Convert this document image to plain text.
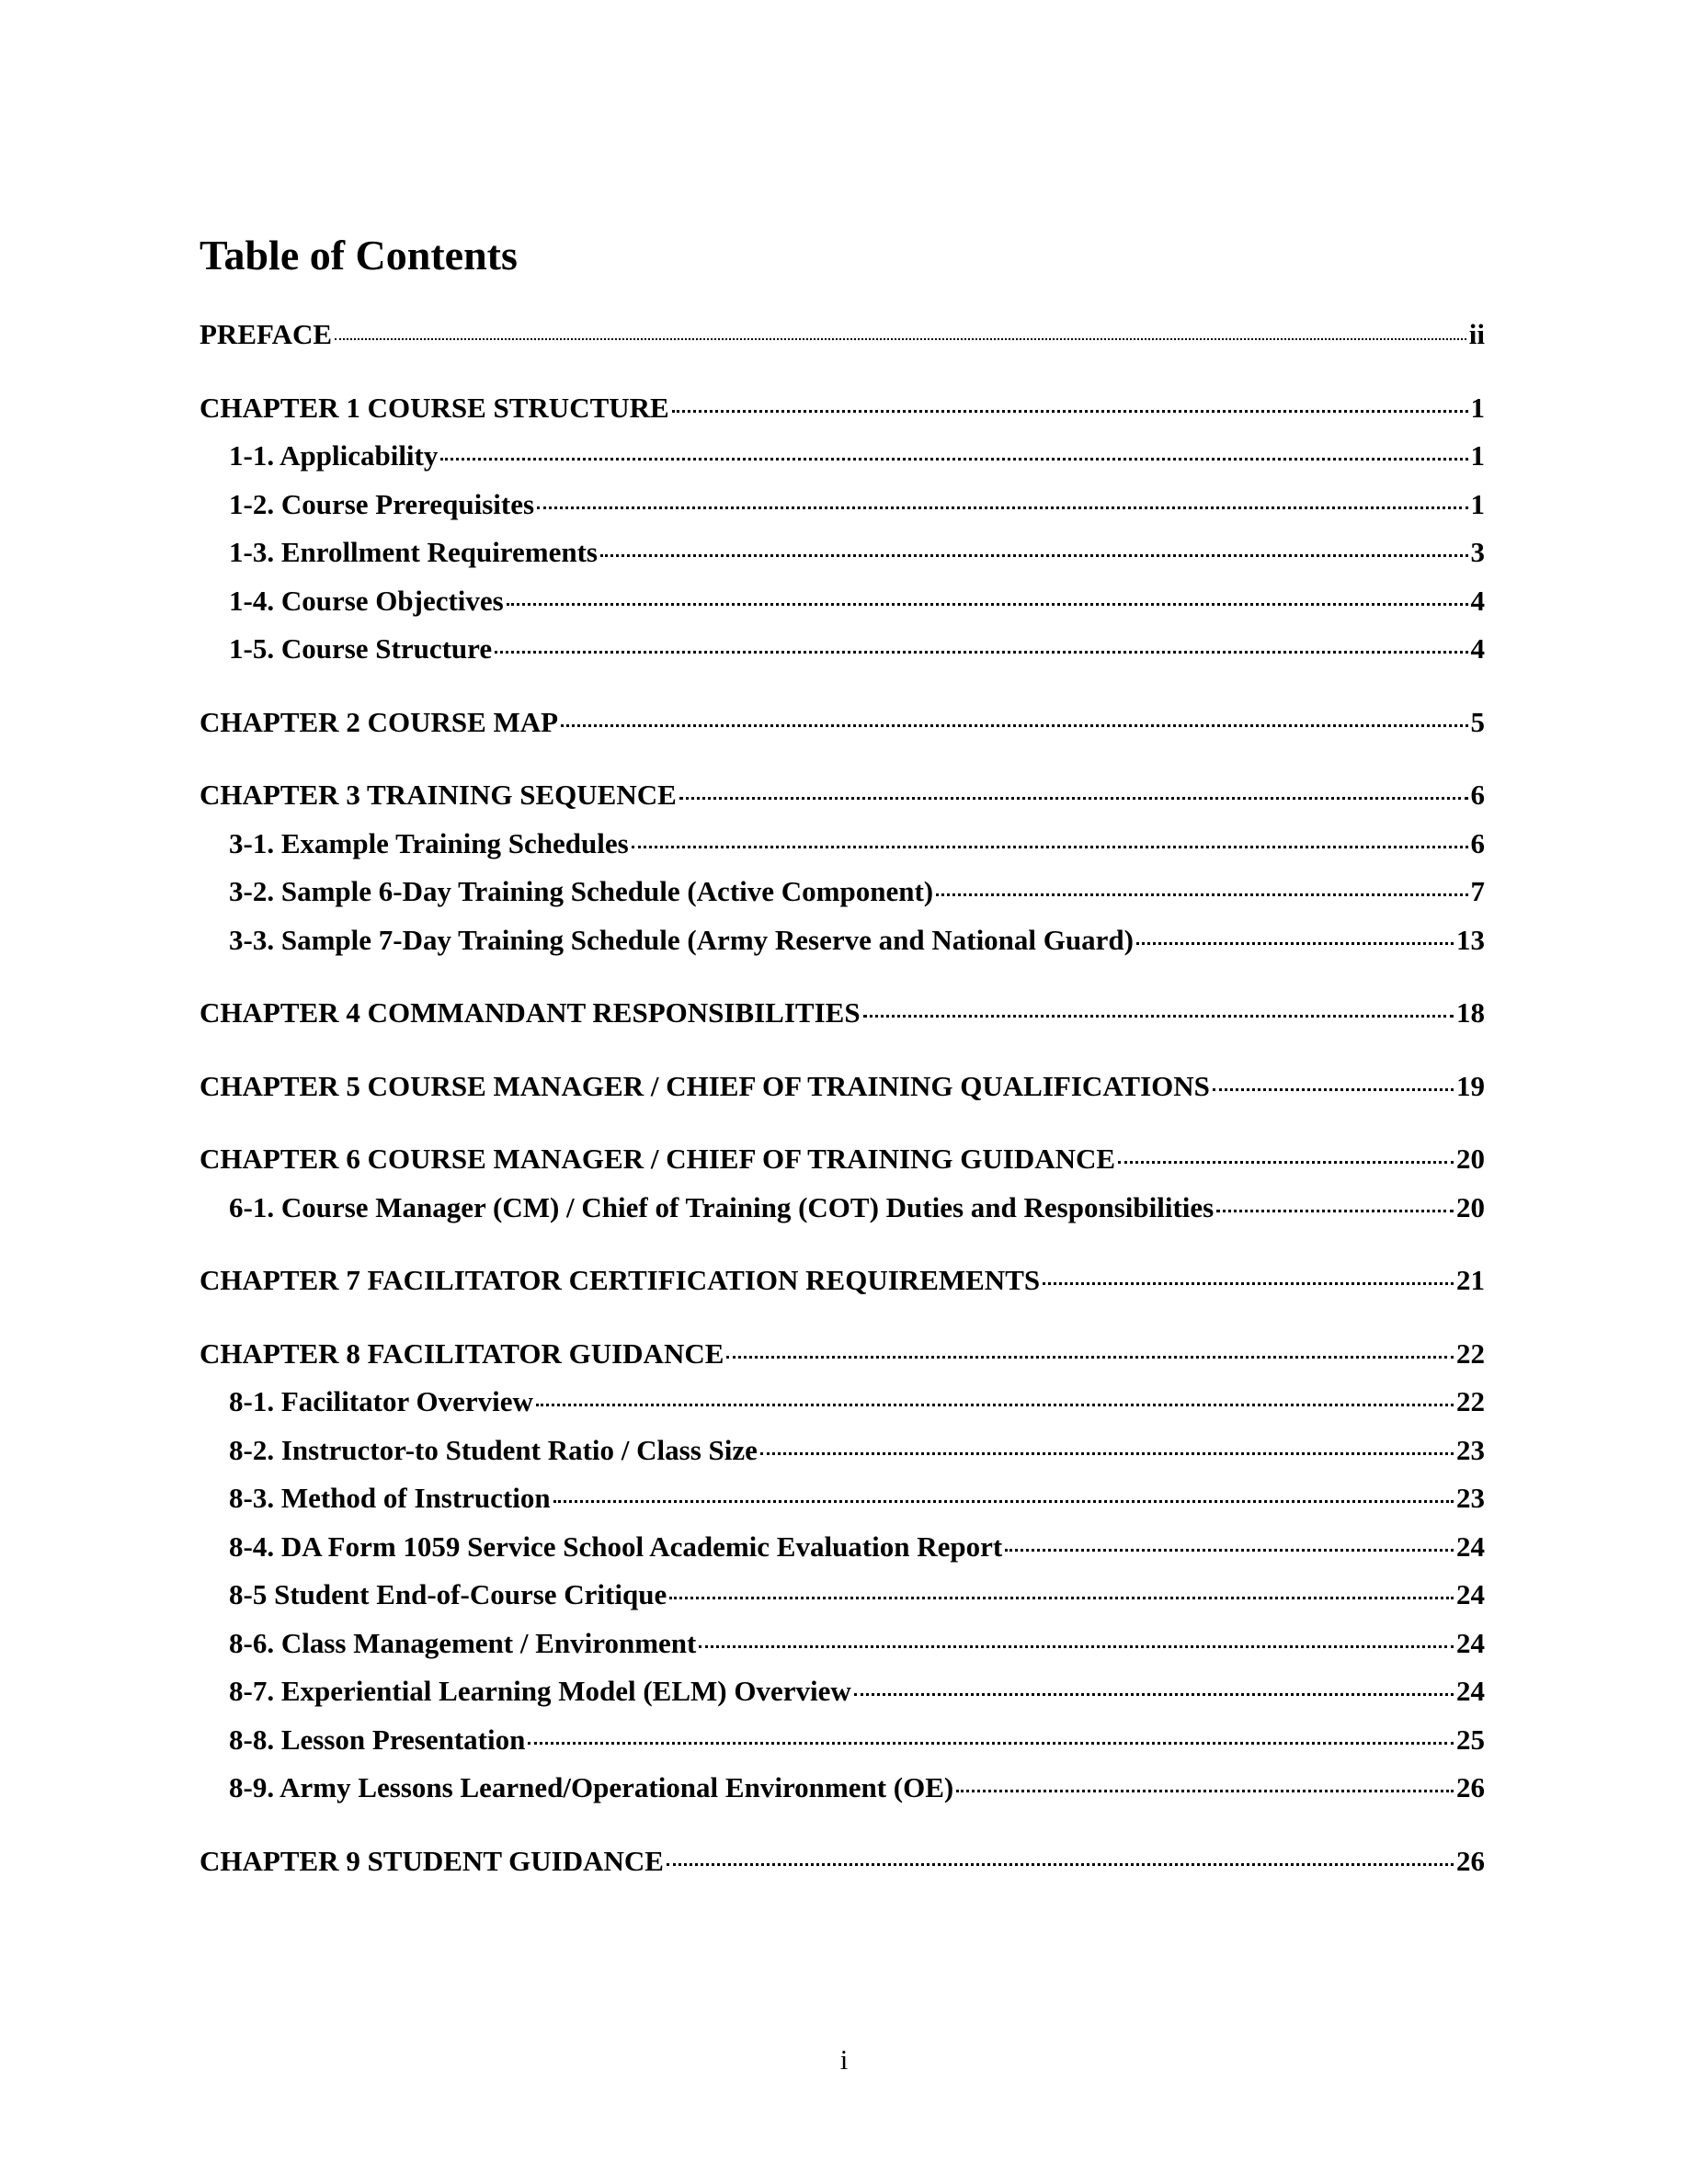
Table of Contents
PREFACE	ii
CHAPTER 1 COURSE STRUCTURE	1
1-1. Applicability	1
1-2. Course Prerequisites	1
1-3. Enrollment Requirements	3
1-4. Course Objectives	4
1-5. Course Structure	4
CHAPTER 2 COURSE MAP	5
CHAPTER 3 TRAINING SEQUENCE	6
3-1. Example Training Schedules	6
3-2. Sample 6-Day Training Schedule (Active Component)	7
3-3. Sample 7-Day Training Schedule (Army Reserve and National Guard)	13
CHAPTER 4 COMMANDANT RESPONSIBILITIES	18
CHAPTER 5 COURSE MANAGER / CHIEF OF TRAINING QUALIFICATIONS	19
CHAPTER 6 COURSE MANAGER / CHIEF OF TRAINING GUIDANCE	20
6-1. Course Manager (CM) / Chief of Training (COT) Duties and Responsibilities	20
CHAPTER 7 FACILITATOR CERTIFICATION REQUIREMENTS	21
CHAPTER 8 FACILITATOR GUIDANCE	22
8-1. Facilitator Overview	22
8-2. Instructor-to Student Ratio / Class Size	23
8-3. Method of Instruction	23
8-4. DA Form 1059 Service School Academic Evaluation Report	24
8-5 Student End-of-Course Critique	24
8-6. Class Management / Environment	24
8-7. Experiential Learning Model (ELM) Overview	24
8-8. Lesson Presentation	25
8-9. Army Lessons Learned/Operational Environment (OE)	26
CHAPTER 9 STUDENT GUIDANCE	26
i
